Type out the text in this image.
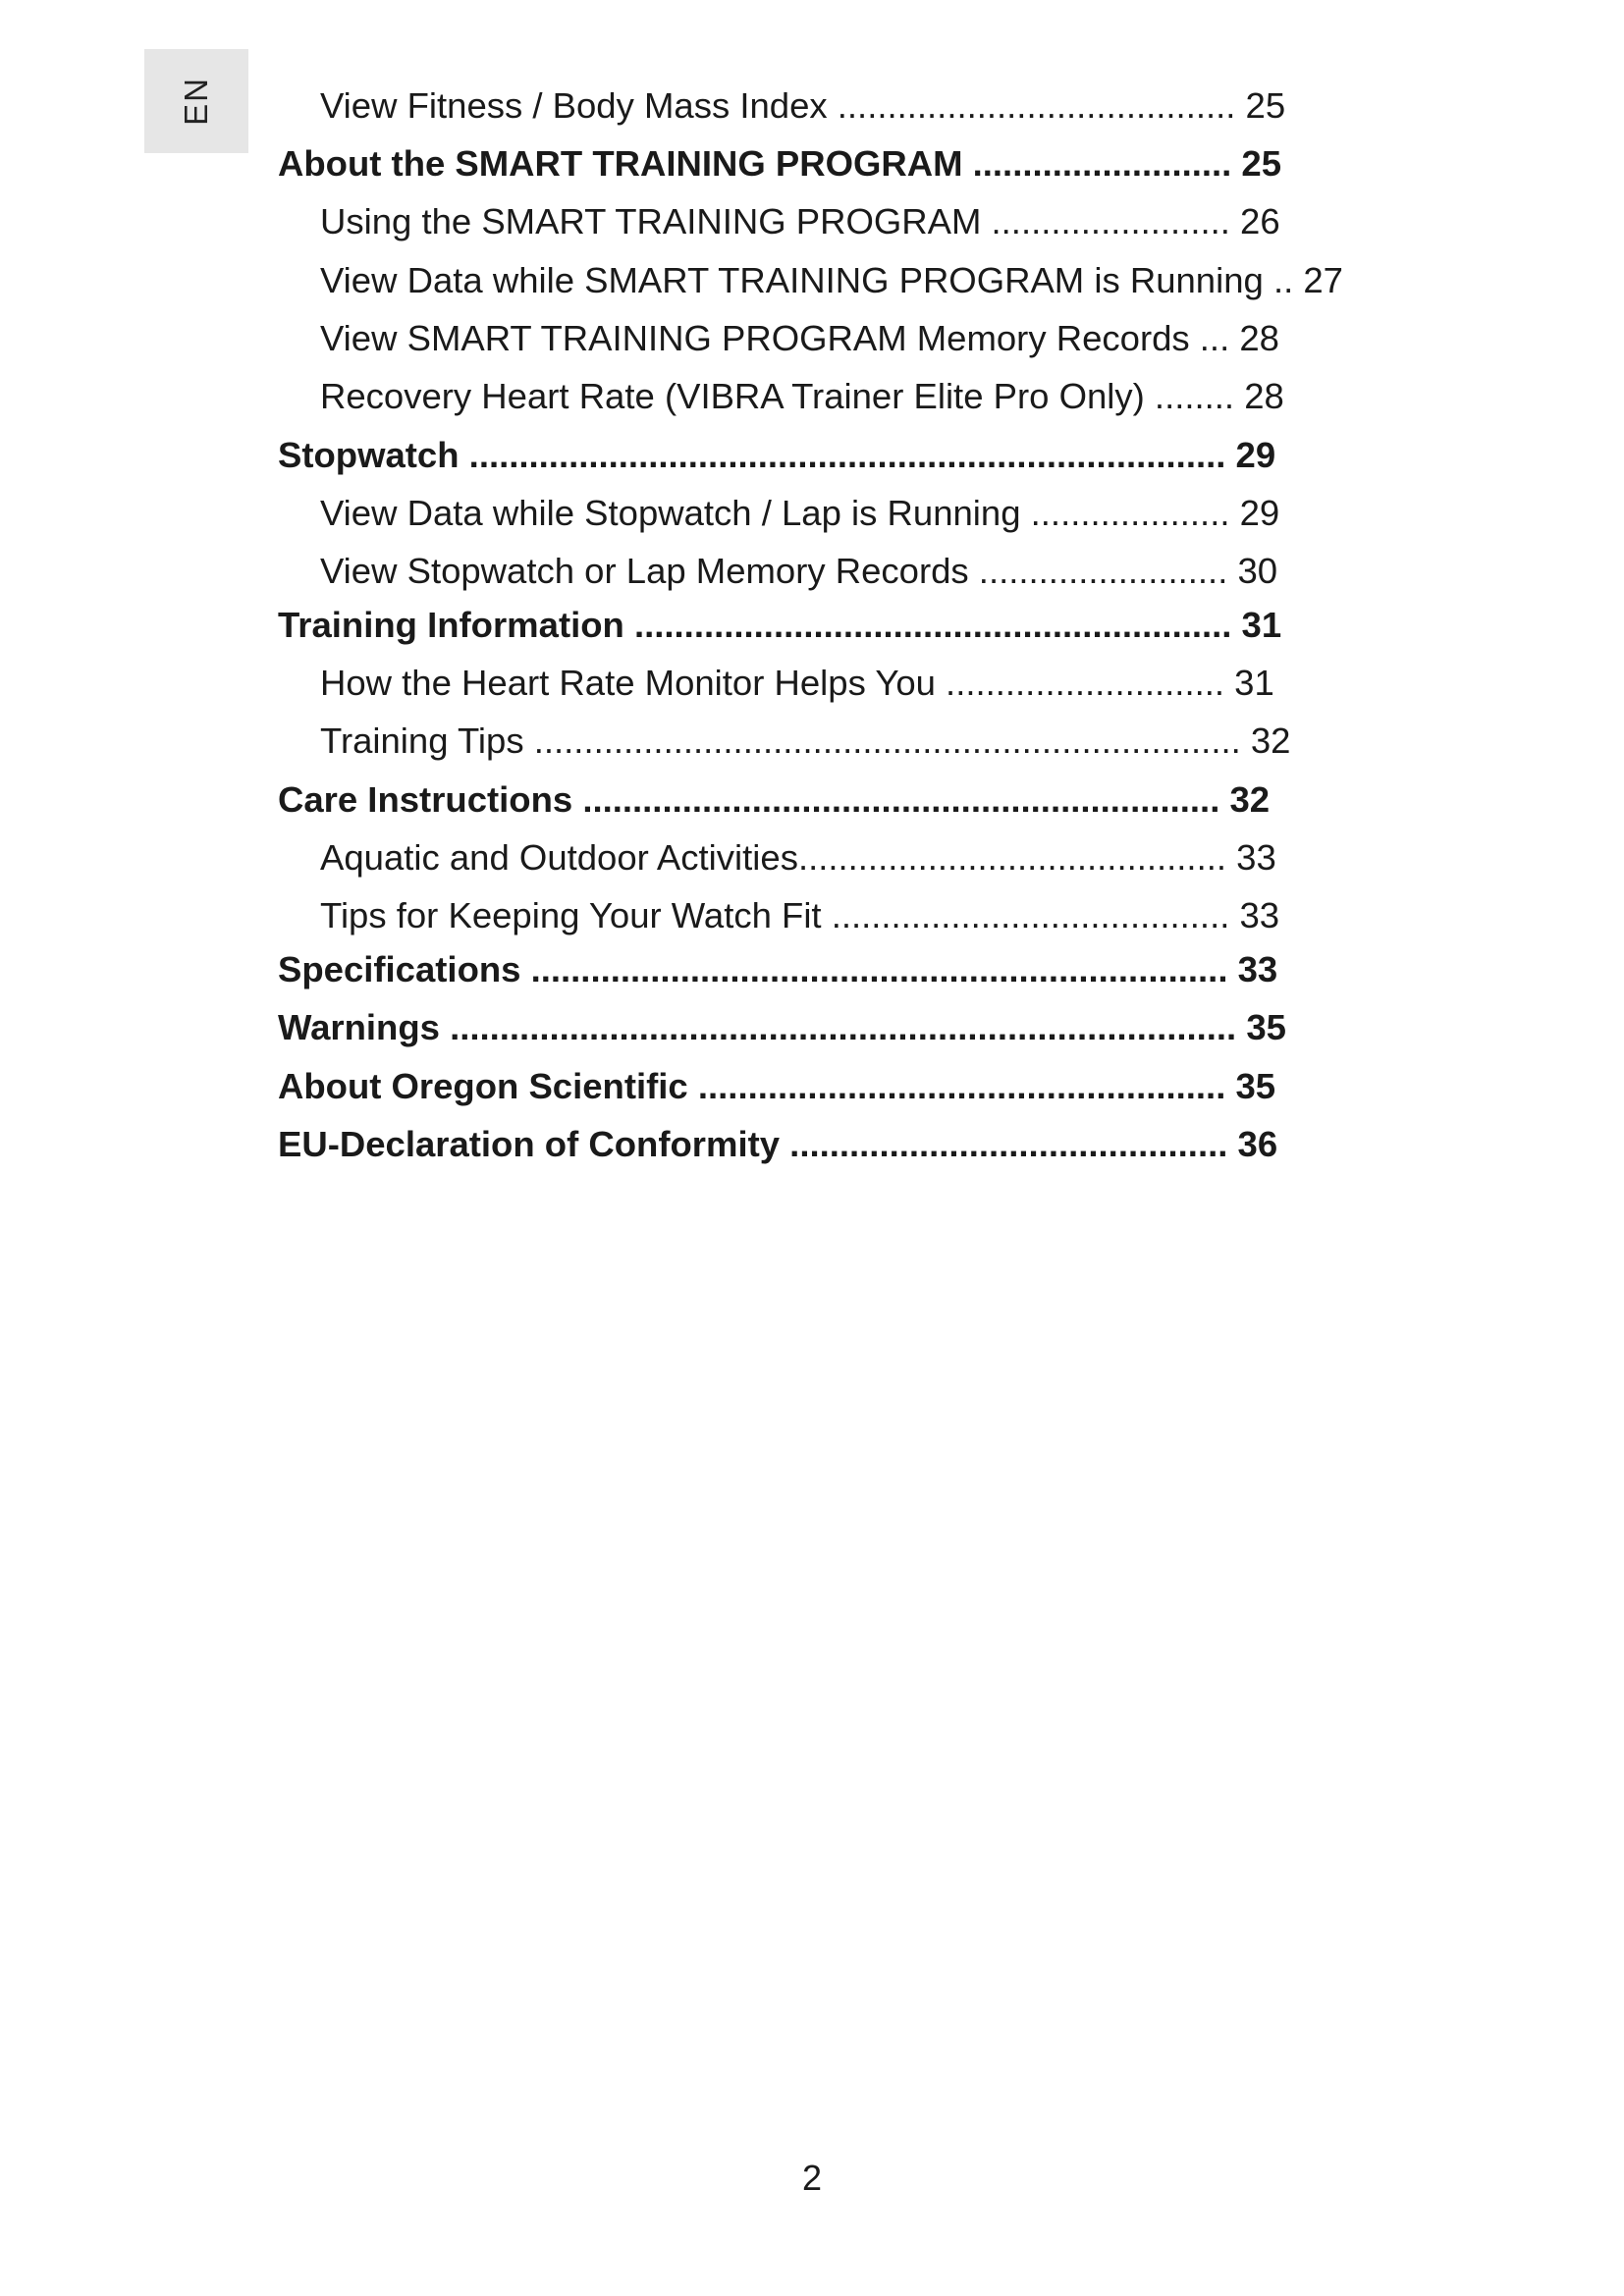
EN	View Fitness / Body Mass Index ........................................ 25
About the SMART TRAINING PROGRAM .......................... 25
Using the SMART TRAINING PROGRAM ........................ 26
View Data while SMART TRAINING PROGRAM is Running .. 27
View SMART TRAINING PROGRAM Memory Records ... 28
Recovery Heart Rate (VIBRA Trainer Elite Pro Only) ........ 28
Stopwatch ............................................................................ 29
View Data while Stopwatch / Lap is Running .................... 29
View Stopwatch or Lap Memory Records ......................... 30
Training Information ............................................................ 31
How the Heart Rate Monitor Helps You ............................ 31
Training Tips ....................................................................... 32
Care Instructions ................................................................ 32
Aquatic and Outdoor Activities........................................... 33
Tips for Keeping Your Watch Fit ........................................ 33
Specifications ...................................................................... 33
Warnings ............................................................................... 35
About Oregon Scientific ..................................................... 35
EU-Declaration of Conformity ............................................ 36
2
